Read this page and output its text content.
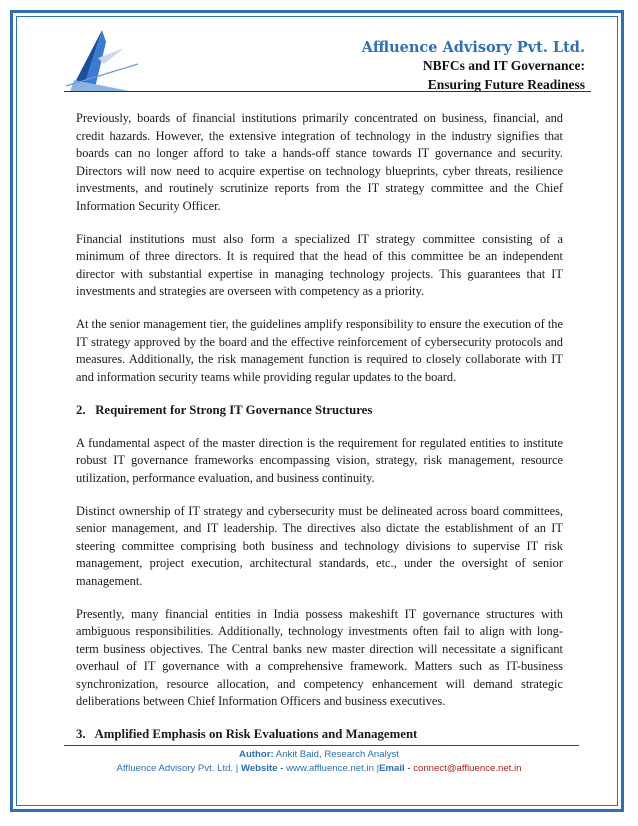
Affluence Advisory Pvt. Ltd.
NBFCs and IT Governance:
Ensuring Future Readiness

Previously, boards of financial institutions primarily concentrated on business, financial, and credit hazards. However, the extensive integration of technology in the industry signifies that boards can no longer afford to take a hands-off stance towards IT governance and security. Directors will now need to acquire expertise on technology blueprints, cyber threats, resilience investments, and routinely scrutinize reports from the IT strategy committee and the Chief Information Security Officer.

Financial institutions must also form a specialized IT strategy committee consisting of a minimum of three directors. It is required that the head of this committee be an independent director with substantial expertise in managing technology projects. This guarantees that IT investments and strategies are overseen with competency as a priority.

At the senior management tier, the guidelines amplify responsibility to ensure the execution of the IT strategy approved by the board and the effective reinforcement of cybersecurity protocols and measures. Additionally, the risk management function is required to closely collaborate with IT and information security teams while providing regular updates to the board.

2.   Requirement for Strong IT Governance Structures

A fundamental aspect of the master direction is the requirement for regulated entities to institute robust IT governance frameworks encompassing vision, strategy, risk management, resource utilization, performance evaluation, and business continuity.

Distinct ownership of IT strategy and cybersecurity must be delineated across board committees, senior management, and IT leadership. The directives also dictate the establishment of an IT steering committee comprising both business and technology divisions to supervise IT risk management, project execution, architectural standards, etc., under the oversight of senior management.

Presently, many financial entities in India possess makeshift IT governance structures with ambiguous responsibilities. Additionally, technology investments often fail to align with long-term business objectives. The Central banks new master direction will necessitate a significant overhaul of IT governance with a comprehensive framework. Matters such as IT-business synchronization, resource allocation, and competency enhancement will demand strategic deliberations between Chief Information Officers and business executives.

3.   Amplified Emphasis on Risk Evaluations and Management
Author: Ankit Baid, Research Analyst
Affluence Advisory Pvt. Ltd. | Website - www.affluence.net.in |Email - connect@affluence.net.in
